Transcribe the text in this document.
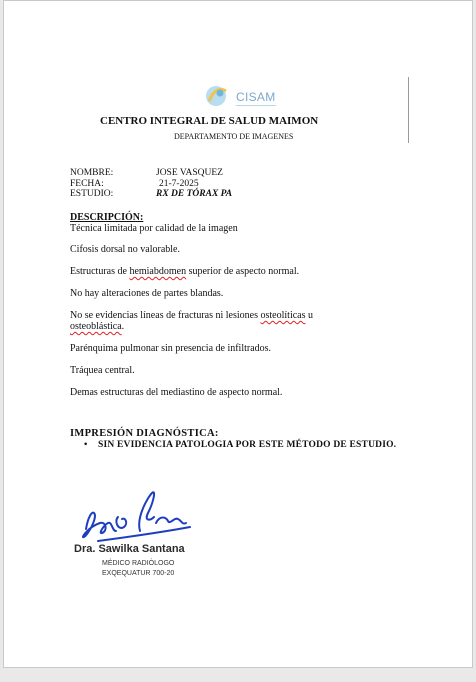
CISAM
CENTRO INTEGRAL DE SALUD MAIMON
DEPARTAMENTO DE IMAGENES
NOMBRE:	JOSE VASQUEZ
FECHA:	21-7-2025
ESTUDIO:	RX DE TÓRAX PA
DESCRIPCIÓN:
Técnica limitada por calidad de la imagen
Cifosis dorsal no valorable.
Estructuras de hemiabdomen superior de aspecto normal.
No hay alteraciones de partes blandas.
No se evidencias líneas de fracturas ni lesiones osteolíticas u osteoblástica.
Parénquima pulmonar sin presencia de infiltrados.
Tráquea central.
Demas estructuras del mediastino de aspecto normal.
IMPRESIÓN DIAGNÓSTICA:
• SIN EVIDENCIA PATOLOGIA POR ESTE MÉTODO DE ESTUDIO.
Dra. Sawilka Santana
MÉDICO RADIÓLOGO
EXQEQUATUR 700-20
